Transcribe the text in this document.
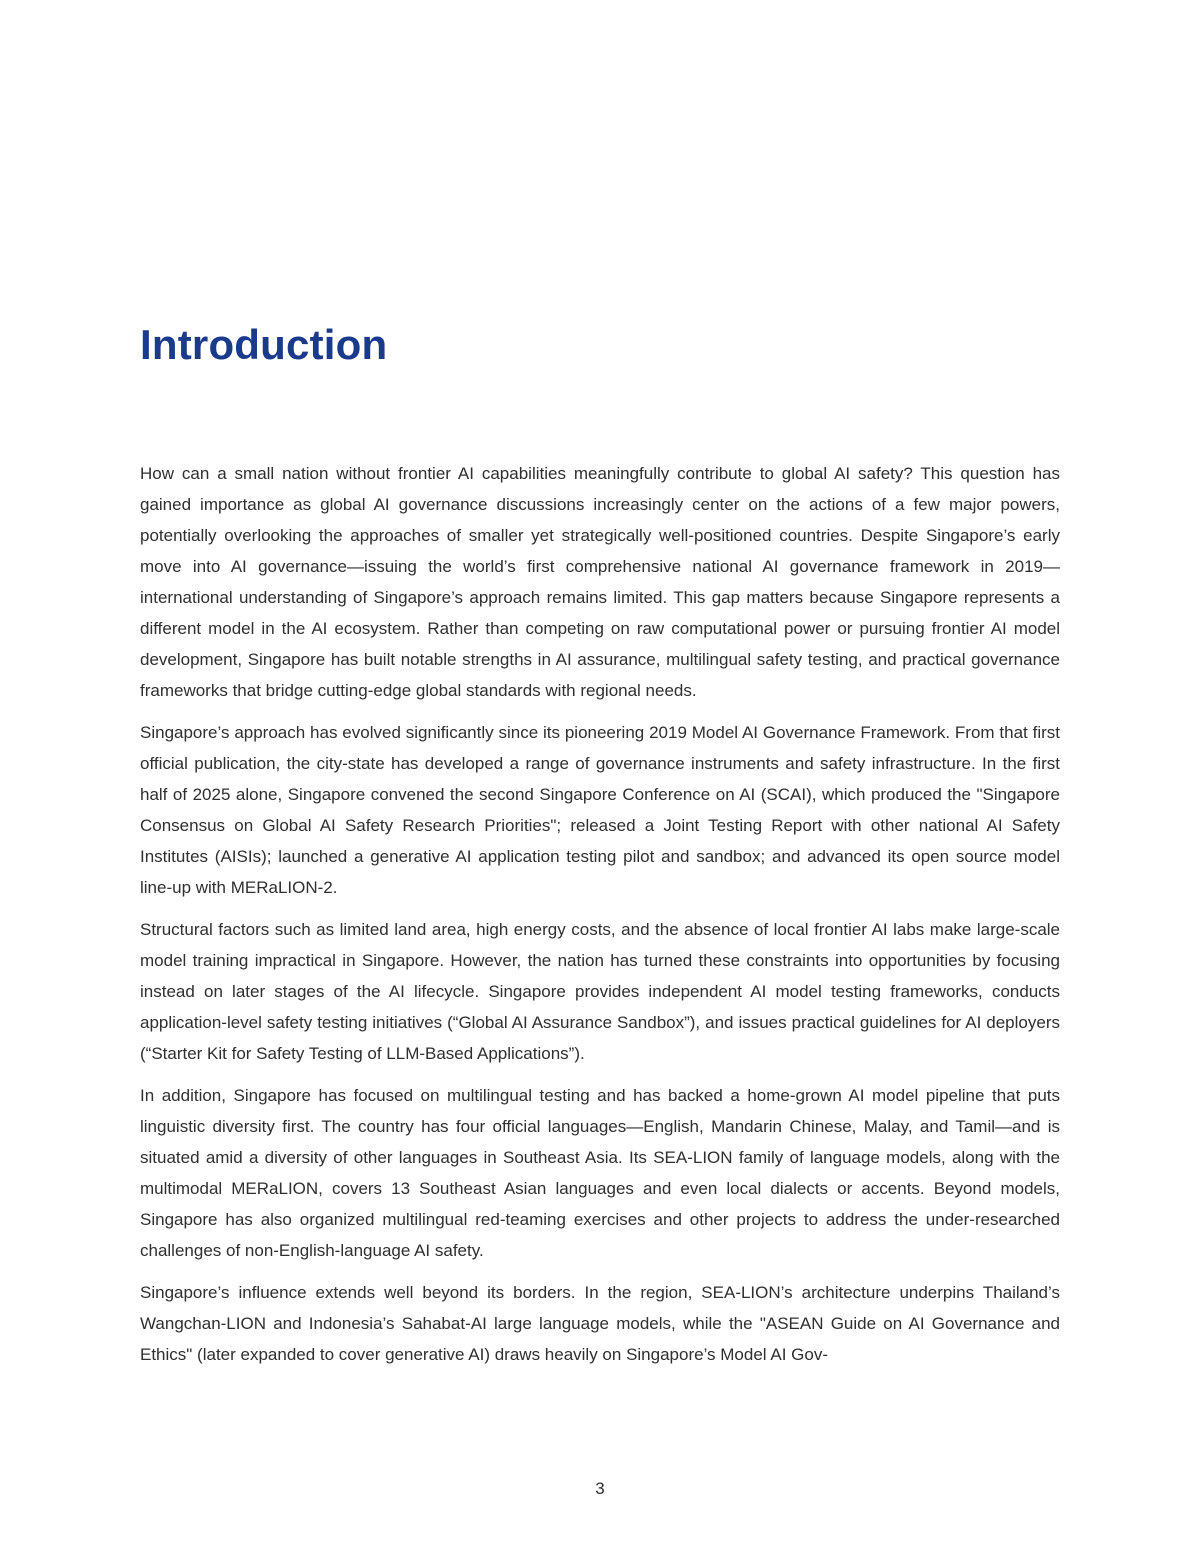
Introduction

How can a small nation without frontier AI capabilities meaningfully contribute to global AI safety? This question has gained importance as global AI governance discussions increasingly center on the actions of a few major powers, potentially overlooking the approaches of smaller yet strategically well-positioned countries. Despite Singapore’s early move into AI governance—issuing the world’s first comprehensive national AI governance framework in 2019—international understanding of Singapore’s approach remains limited. This gap matters because Singapore represents a different model in the AI ecosystem. Rather than competing on raw computational power or pursuing frontier AI model development, Singapore has built notable strengths in AI assurance, multilingual safety testing, and practical governance frameworks that bridge cutting-edge global standards with regional needs.

Singapore’s approach has evolved significantly since its pioneering 2019 Model AI Governance Framework. From that first official publication, the city-state has developed a range of governance instruments and safety infrastructure. In the first half of 2025 alone, Singapore convened the second Singapore Conference on AI (SCAI), which produced the "Singapore Consensus on Global AI Safety Research Priorities"; released a Joint Testing Report with other national AI Safety Institutes (AISIs); launched a generative AI application testing pilot and sandbox; and advanced its open source model line-up with MERaLION-2.

Structural factors such as limited land area, high energy costs, and the absence of local frontier AI labs make large-scale model training impractical in Singapore. However, the nation has turned these constraints into opportunities by focusing instead on later stages of the AI lifecycle. Singapore provides independent AI model testing frameworks, conducts application-level safety testing initiatives (“Global AI Assurance Sandbox”), and issues practical guidelines for AI deployers (“Starter Kit for Safety Testing of LLM-Based Applications”).

In addition, Singapore has focused on multilingual testing and has backed a home-grown AI model pipeline that puts linguistic diversity first. The country has four official languages—English, Mandarin Chinese, Malay, and Tamil—and is situated amid a diversity of other languages in Southeast Asia. Its SEA-LION family of language models, along with the multimodal MERaLION, covers 13 Southeast Asian languages and even local dialects or accents. Beyond models, Singapore has also organized multilingual red-teaming exercises and other projects to address the under-researched challenges of non-English-language AI safety.

Singapore’s influence extends well beyond its borders. In the region, SEA-LION’s architecture underpins Thailand’s Wangchan-LION and Indonesia’s Sahabat-AI large language models, while the "ASEAN Guide on AI Governance and Ethics" (later expanded to cover generative AI) draws heavily on Singapore’s Model AI Gov-

3
